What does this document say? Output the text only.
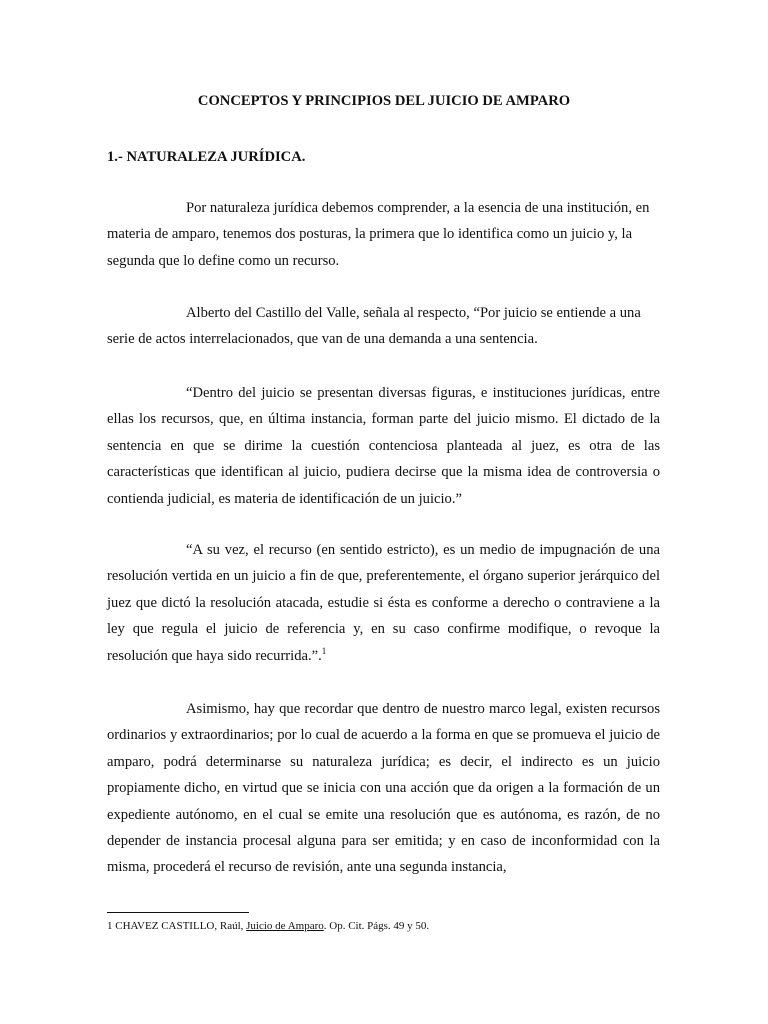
CONCEPTOS Y PRINCIPIOS DEL JUICIO DE AMPARO
1.- NATURALEZA JURÍDICA.

Por naturaleza jurídica debemos comprender, a la esencia de una institución, en materia de amparo, tenemos dos posturas, la primera que lo identifica como un juicio y, la segunda que lo define como un recurso.

Alberto del Castillo del Valle, señala al respecto, “Por juicio se entiende a una serie de actos interrelacionados, que van de una demanda a una sentencia.

“Dentro del juicio se presentan diversas figuras, e instituciones jurídicas, entre ellas los recursos, que, en última instancia, forman parte del juicio mismo. El dictado de la sentencia en que se dirime la cuestión contenciosa planteada al juez, es otra de las características que identifican al juicio, pudiera decirse que la misma idea de controversia o contienda judicial, es materia de identificación de un juicio.”

“A su vez, el recurso (en sentido estricto), es un medio de impugnación de una resolución vertida en un juicio a fin de que, preferentemente, el órgano superior jerárquico del juez que dictó la resolución atacada, estudie si ésta es conforme a derecho o contraviene a la ley que regula el juicio de referencia y, en su caso confirme modifique, o revoque la resolución que haya sido recurrida.”.$^1$

Asimismo, hay que recordar que dentro de nuestro marco legal, existen recursos ordinarios y extraordinarios; por lo cual de acuerdo a la forma en que se promueva el juicio de amparo, podrá determinarse su naturaleza jurídica; es decir, el indirecto es un juicio propiamente dicho, en virtud que se inicia con una acción que da origen a la formación de un expediente autónomo, en el cual se emite una resolución que es autónoma, es razón, de no depender de instancia procesal alguna para ser emitida; y en caso de inconformidad con la misma, procederá el recurso de revisión, ante una segunda instancia,

1 CHAVEZ CASTILLO, Raúl, Juicio de Amparo. Op. Cit. Págs. 49 y 50.
